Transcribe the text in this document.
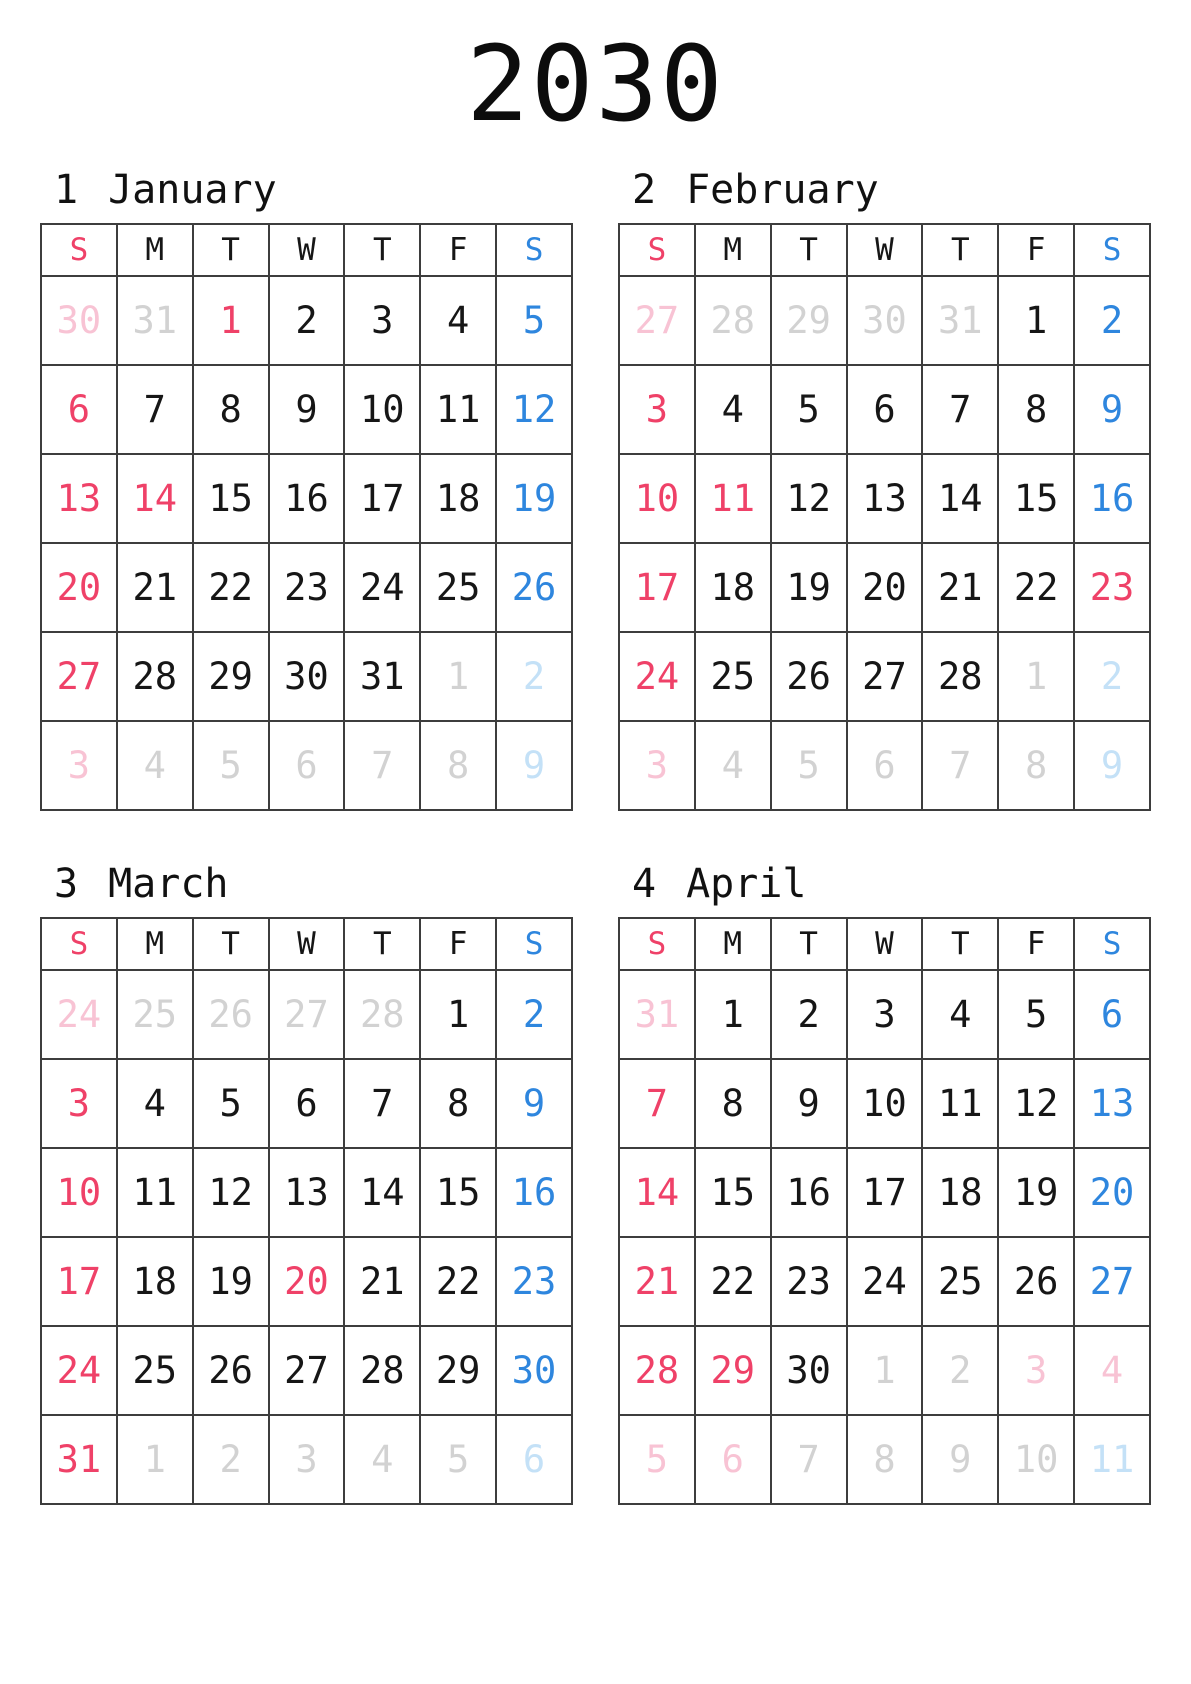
2030
1 January
S	M	T	W	T	F	S
30	31	1	2	3	4	5
6	7	8	9	10	11	12
13	14	15	16	17	18	19
20	21	22	23	24	25	26
27	28	29	30	31	1	2
3	4	5	6	7	8	9
2 February
S	M	T	W	T	F	S
27	28	29	30	31	1	2
3	4	5	6	7	8	9
10	11	12	13	14	15	16
17	18	19	20	21	22	23
24	25	26	27	28	1	2
3	4	5	6	7	8	9
3 March
S	M	T	W	T	F	S
24	25	26	27	28	1	2
3	4	5	6	7	8	9
10	11	12	13	14	15	16
17	18	19	20	21	22	23
24	25	26	27	28	29	30
31	1	2	3	4	5	6
4 April
S	M	T	W	T	F	S
31	1	2	3	4	5	6
7	8	9	10	11	12	13
14	15	16	17	18	19	20
21	22	23	24	25	26	27
28	29	30	1	2	3	4
5	6	7	8	9	10	11
